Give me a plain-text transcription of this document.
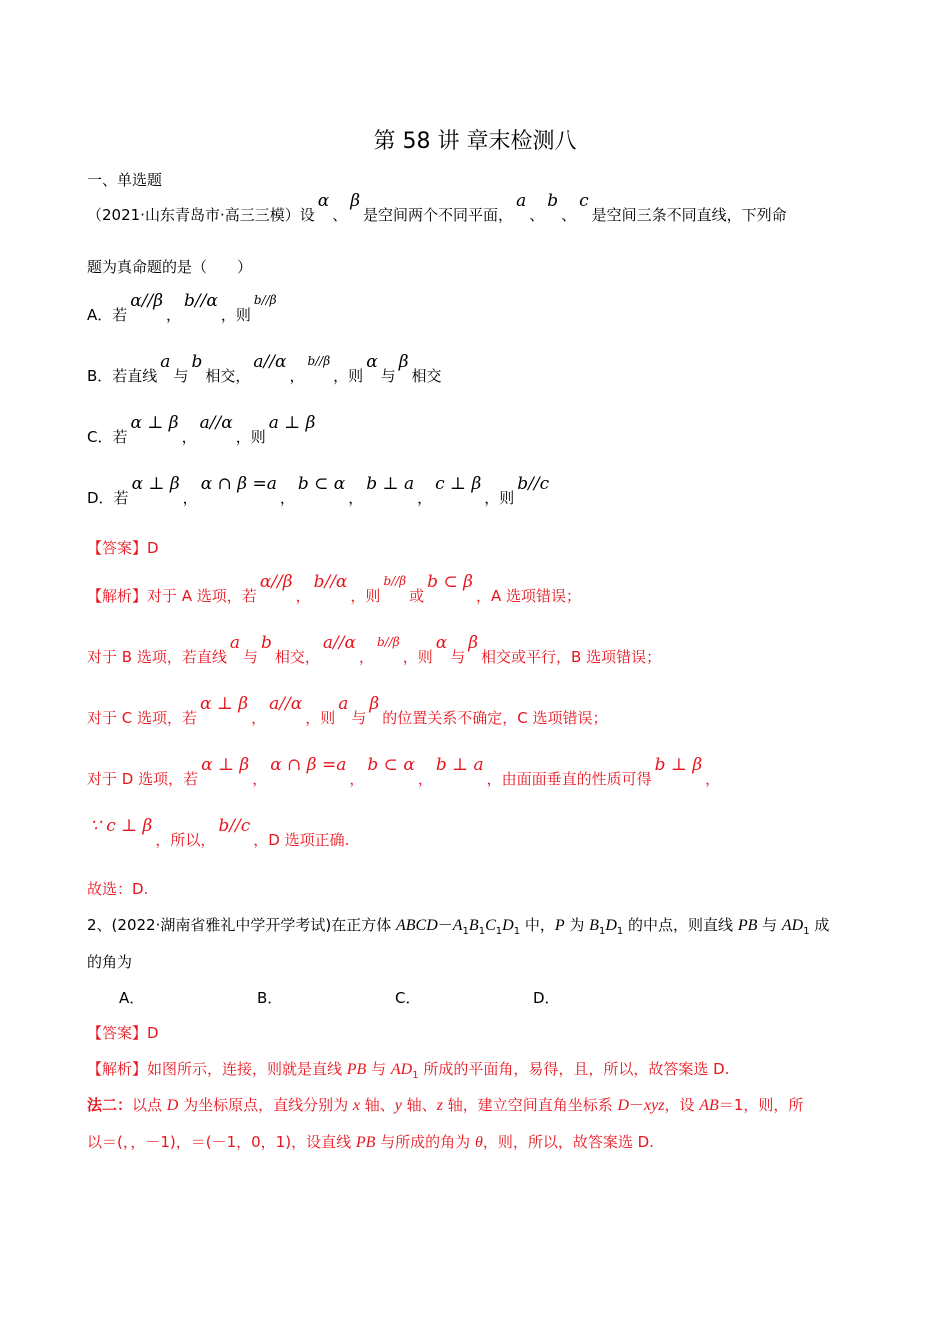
第 58 讲 章末检测八
一、单选题
（2021·山东青岛市·高三三模）设α、β是空间两个不同平面，a、b、c是空间三条不同直线，下列命
题为真命题的是（　　）
A．若α//β，b//α，则$^{b//\beta}$
B．若直线a与b相交，a//α，$^{b//\beta}$，则α与β相交
C．若α ⊥ β，a//α，则a ⊥ β
D．若α ⊥ β，α ∩ β =a，b ⊂ α，b ⊥ a，c ⊥ β，则b//c
【答案】D
【解析】对于 A 选项，若α//β，b//α，则$^{b//\beta}$或b ⊂ β，A 选项错误；
对于 B 选项，若直线a与b相交，a//α，$^{b//\beta}$，则α与β相交或平行，B 选项错误；
对于 C 选项，若α ⊥ β，a//α，则a与β的位置关系不确定，C 选项错误；
对于 D 选项，若α ⊥ β，α ∩ β =a，b ⊂ α，b ⊥ a，由面面垂直的性质可得b ⊥ β，
∵ c ⊥ β，所以，b//c，D 选项正确.
故选：D.
2、(2022·湖南省雅礼中学开学考试)在正方体 $ABCD-A_1B_1C_1D_1$ 中，P 为 $B_1D_1$ 的中点，则直线 PB 与 $AD_1$ 成
的角为
A．	B．	C．	D．
【答案】D
【解析】如图所示，连接，则就是直线 PB 与 $AD_1$ 所成的平面角，易得，且，所以，故答案选 D.
法二：以点 D 为坐标原点，直线分别为 x 轴、y 轴、z 轴，建立空间直角坐标系 D－xyz，设 AB＝1，则，所
以＝(，，－1)，＝(－1，0，1)，设直线 PB 与所成的角为 θ，则，所以，故答案选 D.
